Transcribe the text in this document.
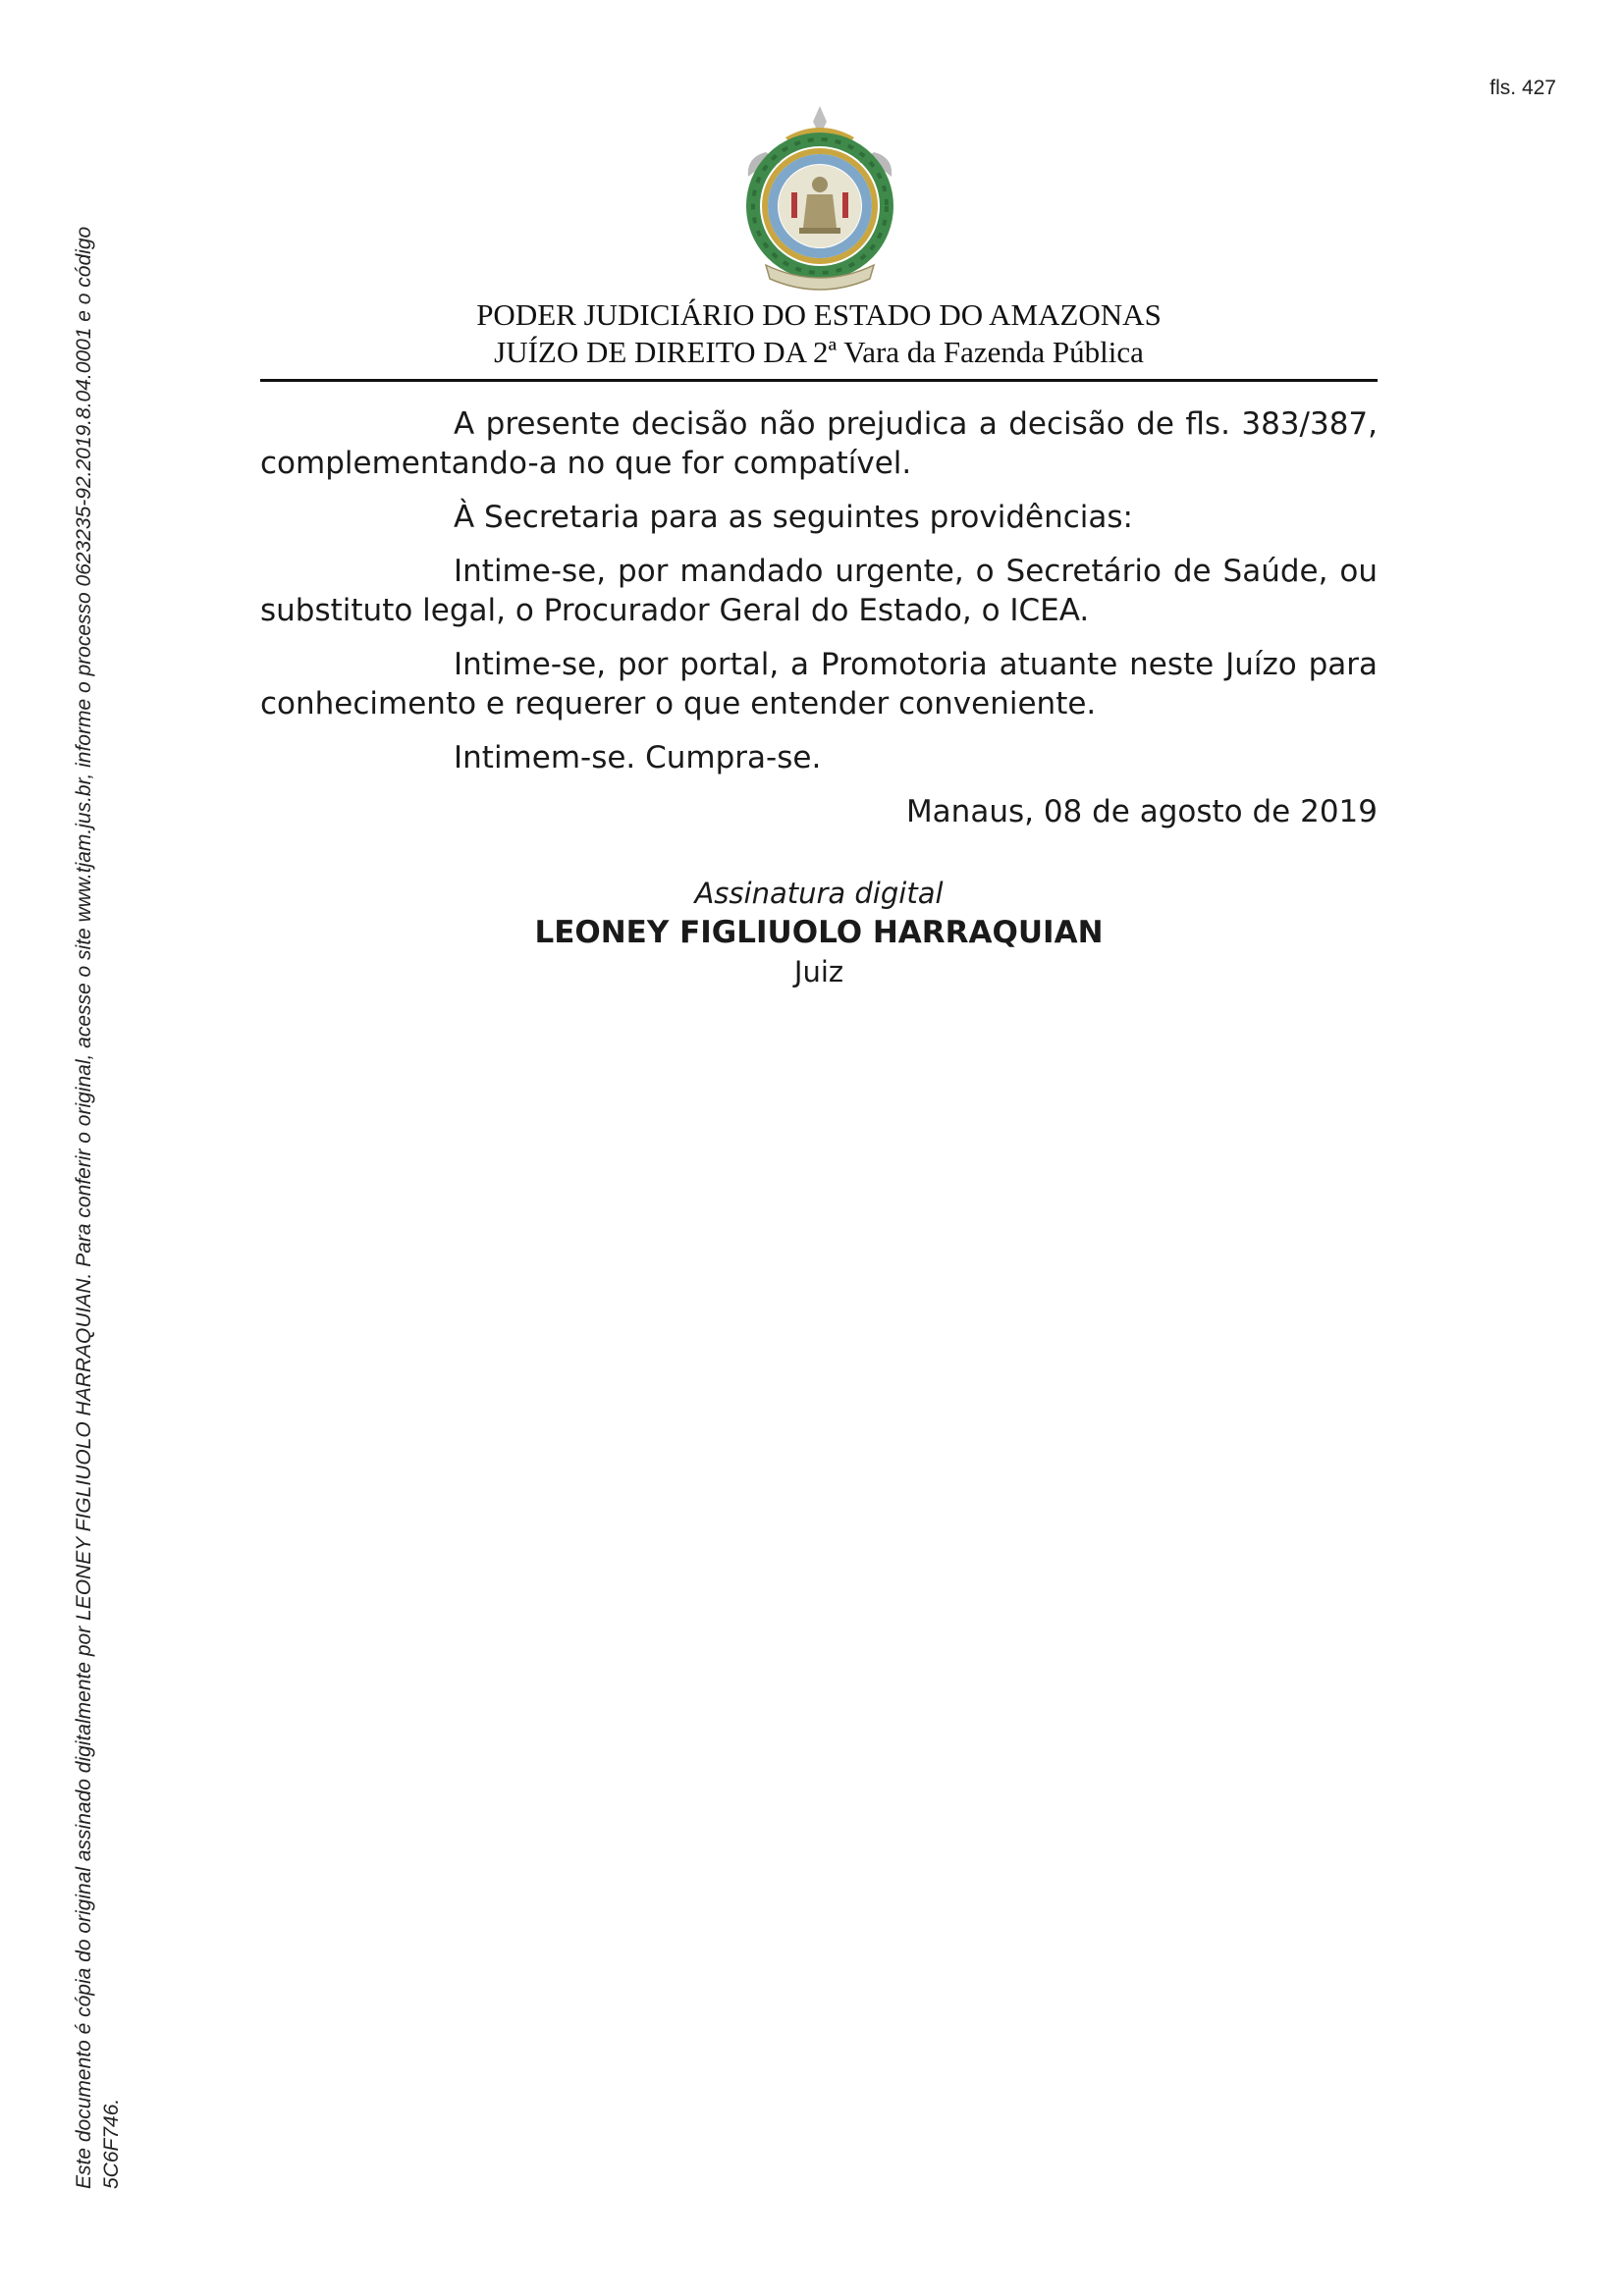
fls. 427
Este documento é cópia do original assinado digitalmente por LEONEY FIGLIUOLO HARRAQUIAN. Para conferir o original, acesse o site www.tjam.jus.br, informe o processo 0623235-92.2019.8.04.0001 e o código 5C6F746.
PODER JUDICIÁRIO DO ESTADO DO AMAZONAS
JUÍZO DE DIREITO DA 2ª Vara da Fazenda Pública

A presente decisão não prejudica a decisão de fls. 383/387, complementando-a no que for compatível.

À Secretaria para as seguintes providências:

Intime-se, por mandado urgente, o Secretário de Saúde, ou substituto legal, o Procurador Geral do Estado, o ICEA.

Intime-se, por portal, a Promotoria atuante neste Juízo para conhecimento e requerer o que entender conveniente.

Intimem-se. Cumpra-se.

Manaus, 08 de agosto de 2019

Assinatura digital
LEONEY FIGLIUOLO HARRAQUIAN
Juiz
